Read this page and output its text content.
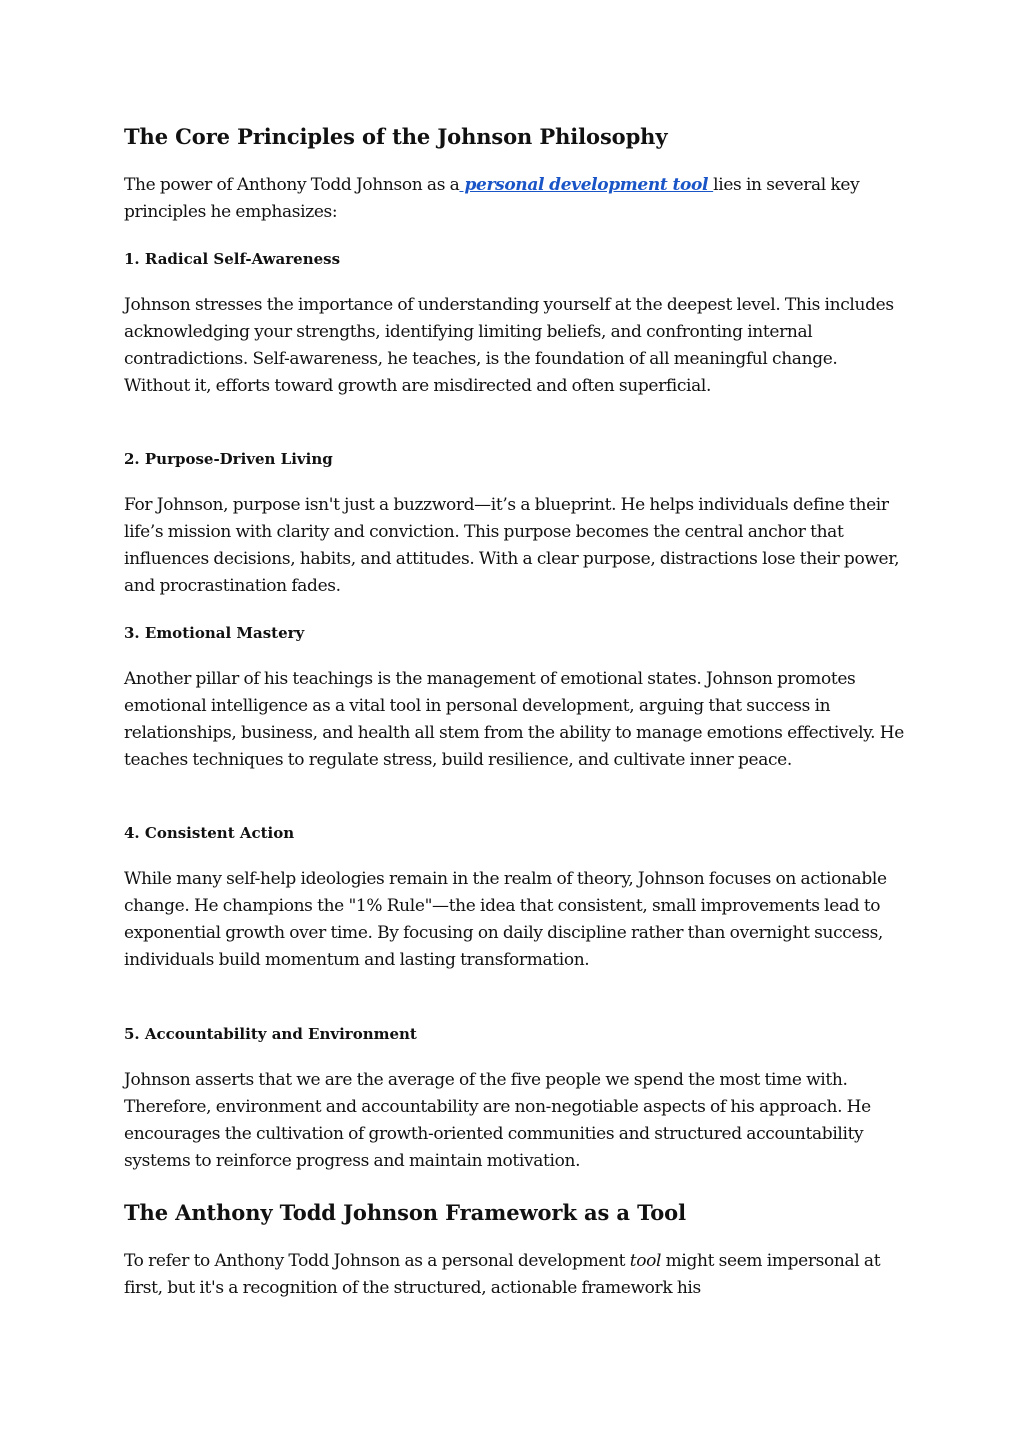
The Core Principles of the Johnson Philosophy

The power of Anthony Todd Johnson as a personal development tool lies in several key principles he emphasizes:

1. Radical Self-Awareness

Johnson stresses the importance of understanding yourself at the deepest level. This includes acknowledging your strengths, identifying limiting beliefs, and confronting internal contradictions. Self-awareness, he teaches, is the foundation of all meaningful change. Without it, efforts toward growth are misdirected and often superficial.

2. Purpose-Driven Living

For Johnson, purpose isn't just a buzzword—it’s a blueprint. He helps individuals define their life’s mission with clarity and conviction. This purpose becomes the central anchor that influences decisions, habits, and attitudes. With a clear purpose, distractions lose their power, and procrastination fades.

3. Emotional Mastery

Another pillar of his teachings is the management of emotional states. Johnson promotes emotional intelligence as a vital tool in personal development, arguing that success in relationships, business, and health all stem from the ability to manage emotions effectively. He teaches techniques to regulate stress, build resilience, and cultivate inner peace.

4. Consistent Action

While many self-help ideologies remain in the realm of theory, Johnson focuses on actionable change. He champions the "1% Rule"—the idea that consistent, small improvements lead to exponential growth over time. By focusing on daily discipline rather than overnight success, individuals build momentum and lasting transformation.

5. Accountability and Environment

Johnson asserts that we are the average of the five people we spend the most time with. Therefore, environment and accountability are non-negotiable aspects of his approach. He encourages the cultivation of growth-oriented communities and structured accountability systems to reinforce progress and maintain motivation.

The Anthony Todd Johnson Framework as a Tool

To refer to Anthony Todd Johnson as a personal development tool might seem impersonal at first, but it's a recognition of the structured, actionable framework his
